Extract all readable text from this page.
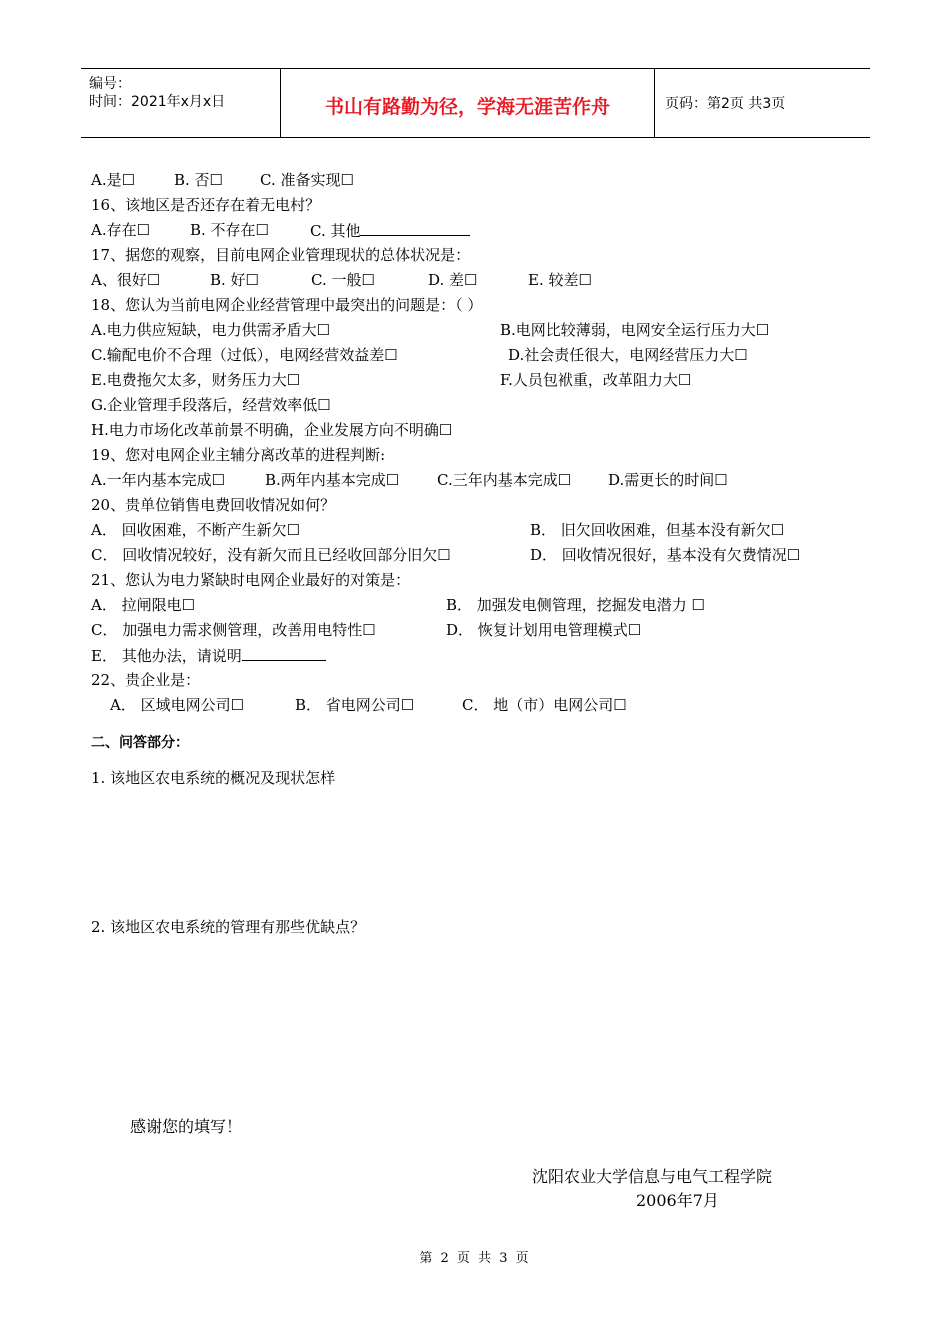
编号：
时间：2021年x月x日	书山有路勤为径，学海无涯苦作舟	页码：第2页 共3页
A.是☐	B. 否☐ C. 准备实现☐
16、该地区是否还存在着无电村？
A.存在☐	B. 不存在☐	C. 其他
17、据您的观察，目前电网企业管理现状的总体状况是：
A、很好☐	B. 好☐	C. 一般☐	D. 差☐	E. 较差☐
18、您认为当前电网企业经营管理中最突出的问题是：（ ）
A.电力供应短缺，电力供需矛盾大☐	B.电网比较薄弱，电网安全运行压力大☐
C.输配电价不合理（过低），电网经营效益差☐	D.社会责任很大，电网经营压力大☐
E.电费拖欠太多，财务压力大☐	F.人员包袱重，改革阻力大☐
G.企业管理手段落后，经营效率低☐
H.电力市场化改革前景不明确，企业发展方向不明确☐
19、您对电网企业主辅分离改革的进程判断:
A.一年内基本完成☐	B.两年内基本完成☐	C.三年内基本完成☐ D.需更长的时间☐
20、贵单位销售电费回收情况如何？
A． 回收困难，不断产生新欠☐	B． 旧欠回收困难，但基本没有新欠☐
C． 回收情况较好，没有新欠而且已经收回部分旧欠☐	D． 回收情况很好，基本没有欠费情况☐
21、您认为电力紧缺时电网企业最好的对策是：
A． 拉闸限电☐	B． 加强发电侧管理，挖掘发电潜力 ☐
C． 加强电力需求侧管理，改善用电特性☐	D． 恢复计划用电管理模式☐
E． 其他办法，请说明
22、贵企业是：
A． 区域电网公司☐	B． 省电网公司☐	C． 地（市）电网公司☐
二、问答部分：
1. 该地区农电系统的概况及现状怎样
2. 该地区农电系统的管理有那些优缺点？
感谢您的填写！
沈阳农业大学信息与电气工程学院
2006年7月
第 2 页 共 3 页
